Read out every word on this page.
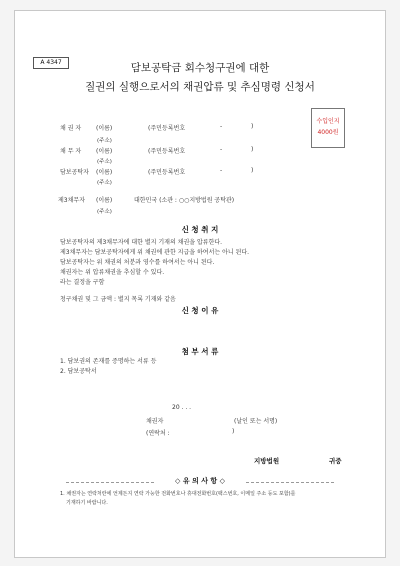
A 4347	담보공탁금 회수청구권에 대한
질권의 실행으로서의 채권압류 및 추심명령 신청서
수입인지
4000원
채 권 자 (이름)	(주민등록번호	-	)
(주소)
채 무 자 (이름)	(주민등록번호	-	)
(주소)
담보공탁자 (이름)	(주민등록번호	-	)
(주소)
제3채무자 (이름)	대한민국 (소관 : ○○지방법원 공탁관)
(주소)
신 청 취 지
담보공탁자의 제3채무자에 대한 별지 기재의 채권을 압류한다.
제3채무자는 담보공탁자에게 위 채권에 관한 지급을 하여서는 아니 된다.
담보공탁자는 위 채권의 처분과 영수를 하여서는 아니 된다.
채권자는 위 압류채권을 추심할 수 있다.
라는 결정을 구함
청구채권 및 그 금액 : 별지 목록 기재와 같음
신 청 이 유
첨 부 서 류
1. 담보권의 존재를 증명하는 서류 등
2. 담보공탁서
20 . . .
채권자	(날인 또는 서명)
(연락처 :	)
지방법원	귀중
◇ 유 의 사 항 ◇
1. 채권자는 연락처란에 언제든지 연락 가능한 전화번호나 휴대전화번호(팩스번호, 이메일 주소 등도 포함)를
기재하기 바랍니다.
